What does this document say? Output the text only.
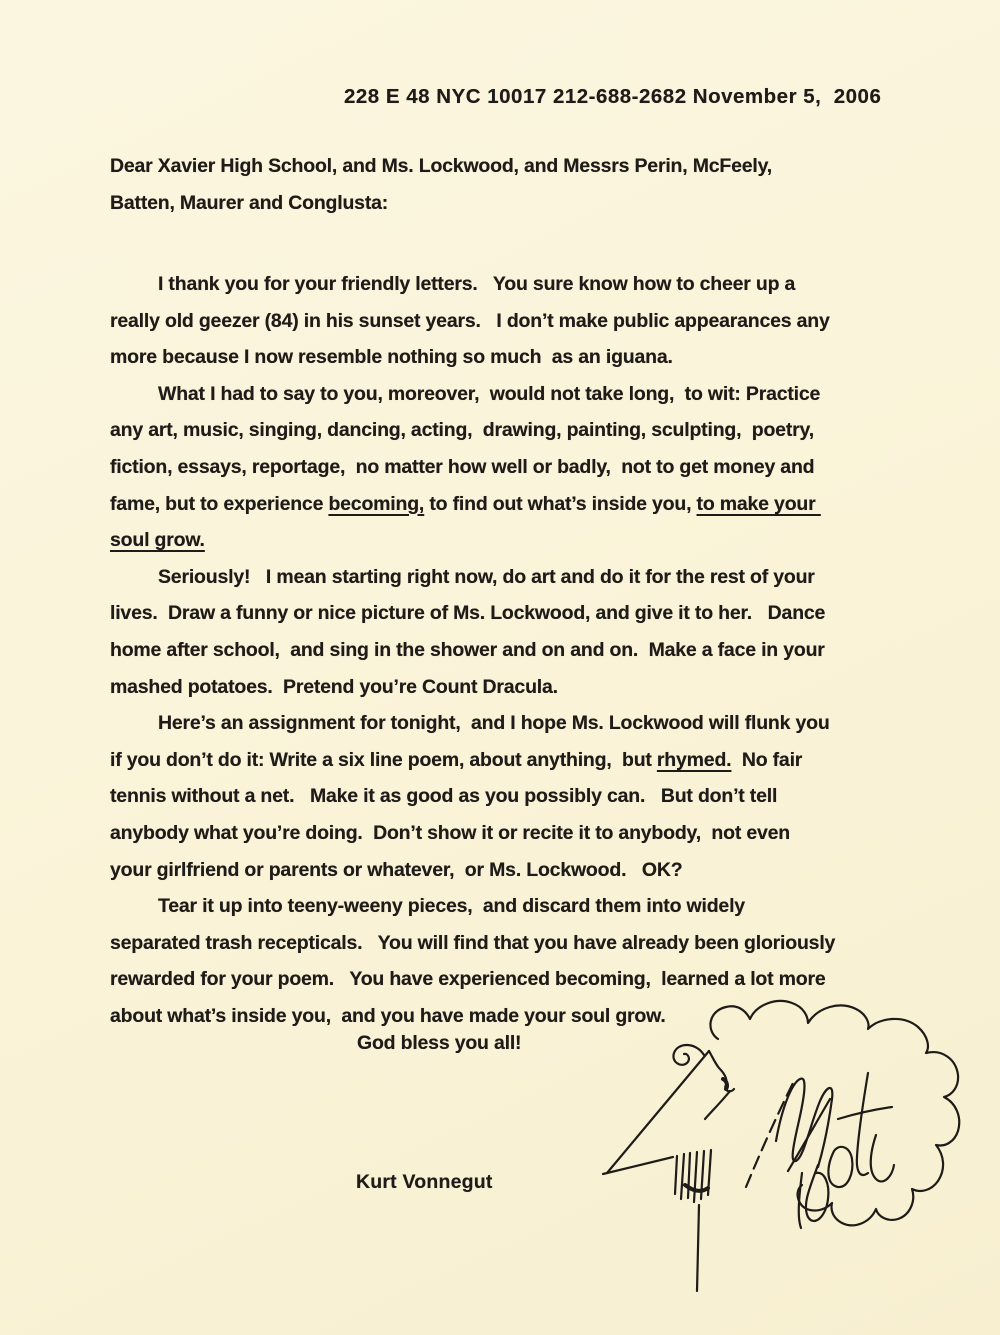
228 E 48 NYC 10017 212-688-2682 November 5,  2006
Dear Xavier High School, and Ms. Lockwood, and Messrs Perin, McFeely,
Batten, Maurer and Conglusta:
I thank you for your friendly letters.   You sure know how to cheer up a
really old geezer (84) in his sunset years.   I don’t make public appearances any
more because I now resemble nothing so much  as an iguana.
What I had to say to you, moreover,  would not take long,  to wit: Practice
any art, music, singing, dancing, acting,  drawing, painting, sculpting,  poetry,
fiction, essays, reportage,  no matter how well or badly,  not to get money and
fame, but to experience becoming, to find out what’s inside you, to make your
soul grow.
Seriously!   I mean starting right now, do art and do it for the rest of your
lives.  Draw a funny or nice picture of Ms. Lockwood, and give it to her.   Dance
home after school,  and sing in the shower and on and on.  Make a face in your
mashed potatoes.  Pretend you’re Count Dracula.
Here’s an assignment for tonight,  and I hope Ms. Lockwood will flunk you
if you don’t do it: Write a six line poem, about anything,  but rhymed.  No fair
tennis without a net.   Make it as good as you possibly can.   But don’t tell
anybody what you’re doing.  Don’t show it or recite it to anybody,  not even
your girlfriend or parents or whatever,  or Ms. Lockwood.   OK?
Tear it up into teeny-weeny pieces,  and discard them into widely
separated trash recepticals.   You will find that you have already been gloriously
rewarded for your poem.   You have experienced becoming,  learned a lot more
about what’s inside you,  and you have made your soul grow.
God bless you all!
Kurt Vonnegut
